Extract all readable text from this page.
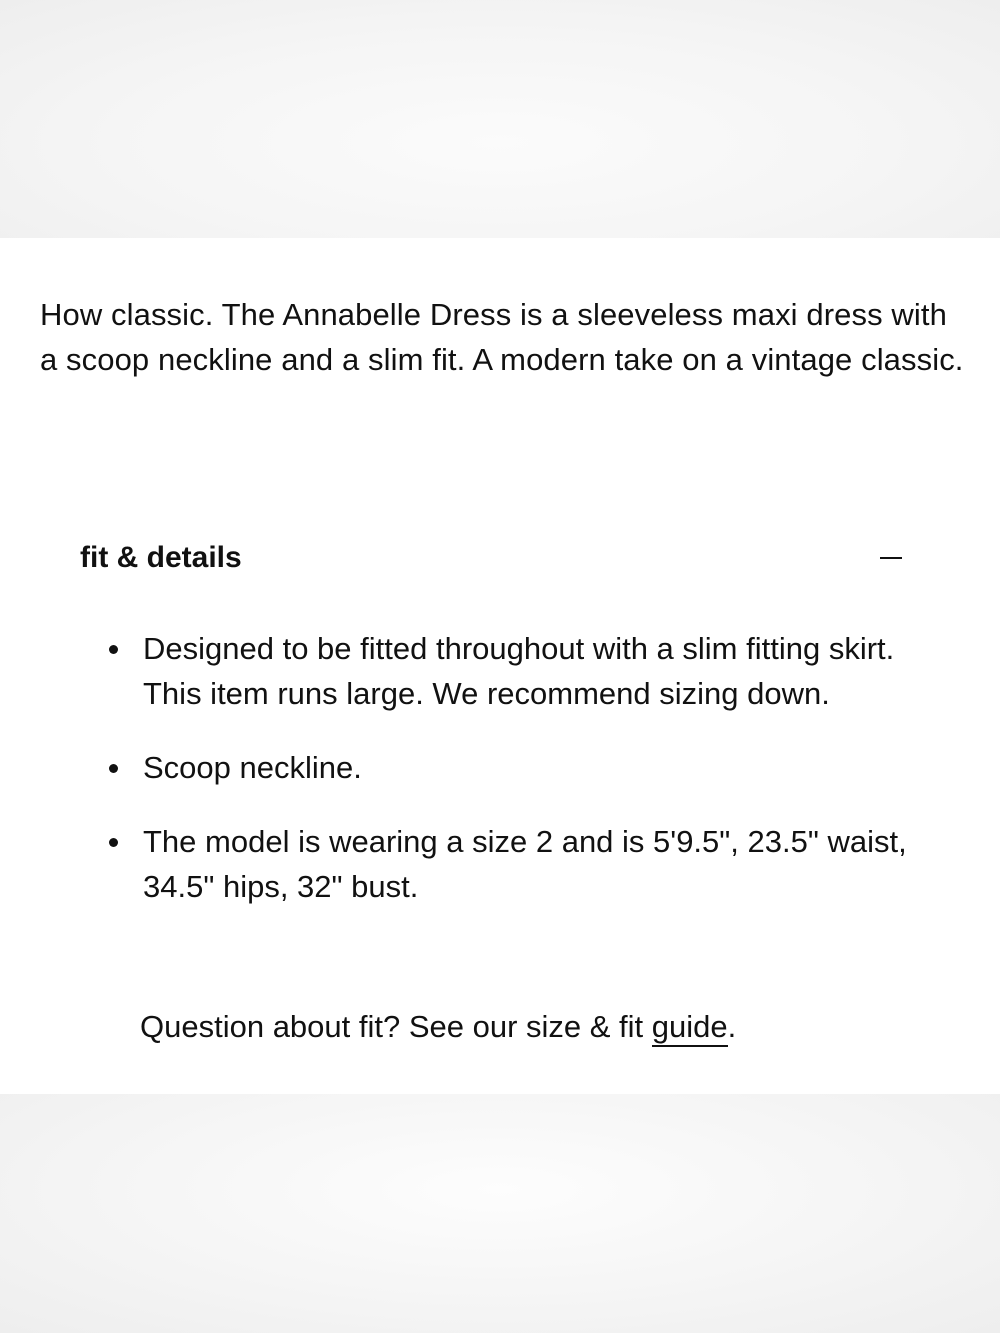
How classic. The Annabelle Dress is a sleeveless maxi dress with a scoop neckline and a slim fit. A modern take on a vintage classic.

fit & details
Designed to be fitted throughout with a slim fitting skirt. This item runs large. We recommend sizing down.
Scoop neckline.
The model is wearing a size 2 and is 5'9.5", 23.5" waist, 34.5" hips, 32" bust.

Question about fit? See our size & fit guide.
